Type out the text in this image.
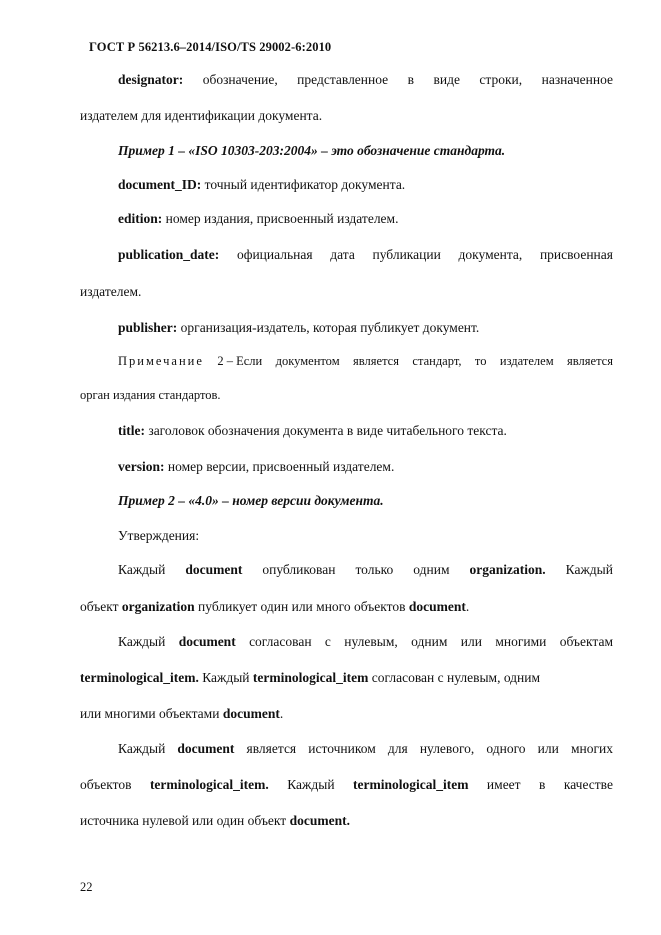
ГОСТ Р 56213.6–2014/ISO/TS 29002-6:2010
designator: обозначение, представленное в виде строки, назначенное
издателем для идентификации документа.
Пример 1 – «ISO 10303-203:2004» – это обозначение стандарта.
document_ID: точный идентификатор документа.
edition: номер издания, присвоенный издателем.
publication_date: официальная дата публикации документа, присвоенная
издателем.
publisher: организация-издатель, которая публикует документ.
Примечание 2 – Если документом является стандарт, то издателем является
орган издания стандартов.
title: заголовок обозначения документа в виде читабельного текста.
version: номер версии, присвоенный издателем.
Пример 2 – «4.0» – номер версии документа.
Утверждения:
Каждый document опубликован только одним organization. Каждый
объект organization публикует один или много объектов document.
Каждый document согласован с нулевым, одним или многими объектам
terminological_item. Каждый terminological_item согласован с нулевым, одним
или многими объектами document.
Каждый document является источником для нулевого, одного или многих
объектов terminological_item. Каждый terminological_item имеет в качестве
источника нулевой или один объект document.
22
